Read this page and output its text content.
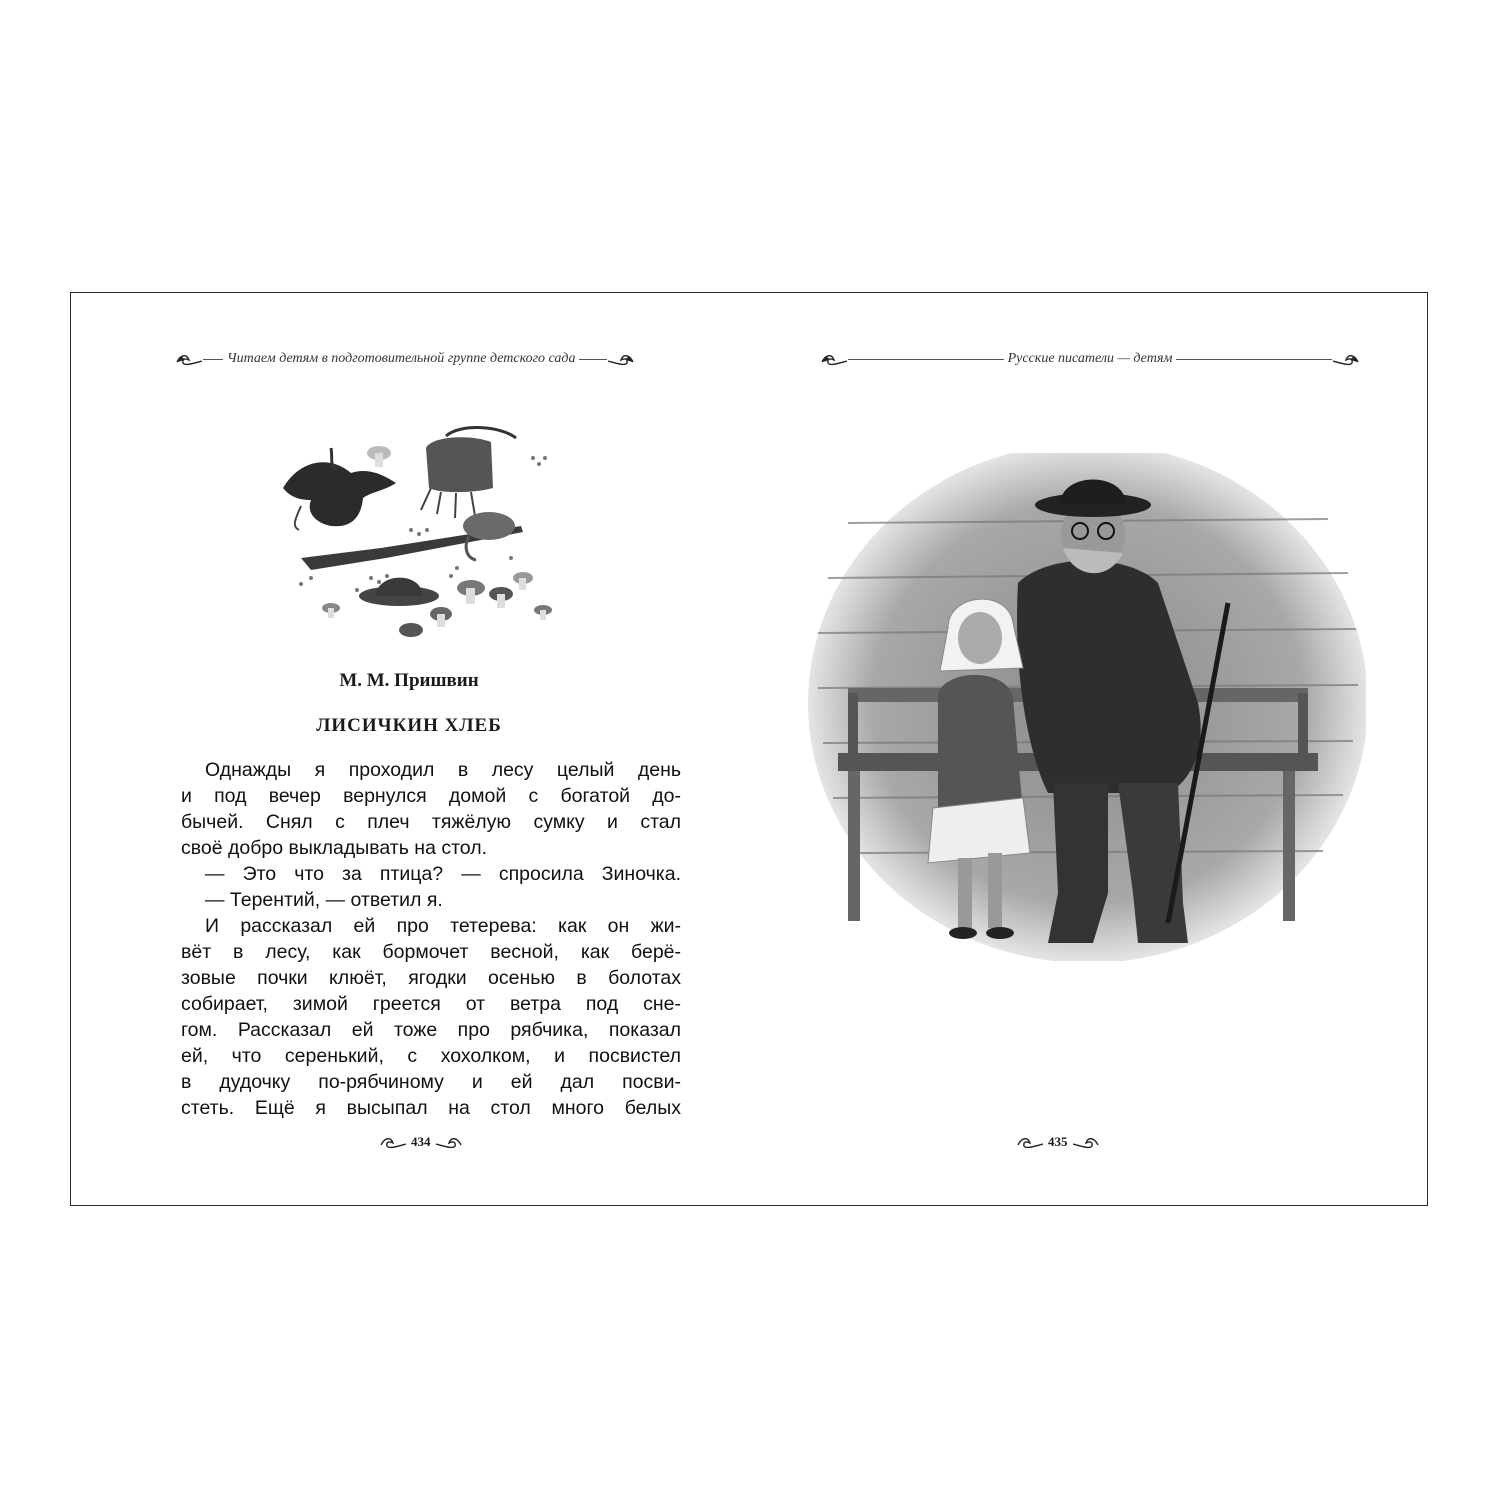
Читаем детям в подготовительной группе детского сада
М. М. Пришвин
ЛИСИЧКИН ХЛЕБ
Однажды я проходил в лесу целый день
и под вечер вернулся домой с богатой до-
бычей. Снял с плеч тяжёлую сумку и стал
своё добро выкладывать на стол.
— Это что за птица? — спросила Зиночка.
— Терентий, — ответил я.
И рассказал ей про тетерева: как он жи-
вёт в лесу, как бормочет весной, как берё-
зовые почки клюёт, ягодки осенью в болотах
собирает, зимой греется от ветра под сне-
гом. Рассказал ей тоже про рябчика, показал
ей, что серенький, с хохолком, и посвистел
в дудочку по-рябчиному и ей дал посви-
стеть. Ещё я высыпал на стол много белых
434
Русские писатели — детям
435
